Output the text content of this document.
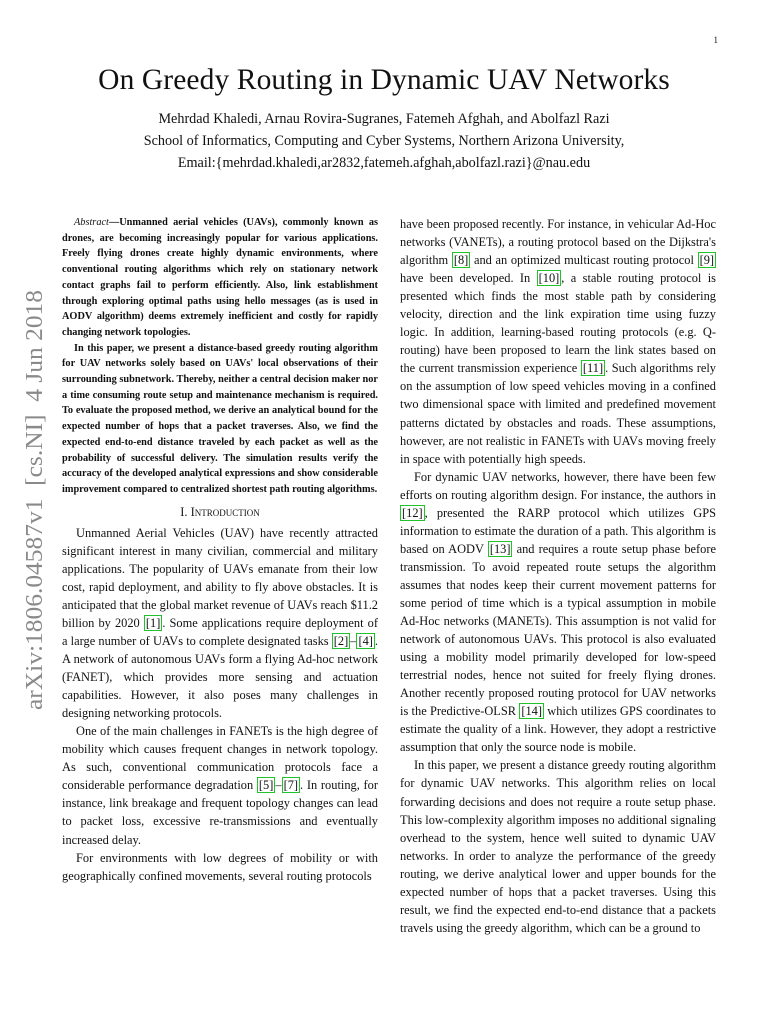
1
arXiv:1806.04587v1  [cs.NI]  4 Jun 2018
On Greedy Routing in Dynamic UAV Networks
Mehrdad Khaledi, Arnau Rovira-Sugranes, Fatemeh Afghah, and Abolfazl Razi
School of Informatics, Computing and Cyber Systems, Northern Arizona University,
Email:{mehrdad.khaledi,ar2832,fatemeh.afghah,abolfazl.razi}@nau.edu

Abstract—Unmanned aerial vehicles (UAVs), commonly known as drones, are becoming increasingly popular for various applications. Freely flying drones create highly dynamic environments, where conventional routing algorithms which rely on stationary network contact graphs fail to perform efficiently. Also, link establishment through exploring optimal paths using hello messages (as is used in AODV algorithm) deems extremely inefficient and costly for rapidly changing network topologies.

In this paper, we present a distance-based greedy routing algorithm for UAV networks solely based on UAVs' local observations of their surrounding subnetwork. Thereby, neither a central decision maker nor a time consuming route setup and maintenance mechanism is required. To evaluate the proposed method, we derive an analytical bound for the expected number of hops that a packet traverses. Also, we find the expected end-to-end distance traveled by each packet as well as the probability of successful delivery. The simulation results verify the accuracy of the developed analytical expressions and show considerable improvement compared to centralized shortest path routing algorithms.

I. Introduction

Unmanned Aerial Vehicles (UAV) have recently attracted significant interest in many civilian, commercial and military applications. The popularity of UAVs emanate from their low cost, rapid deployment, and ability to fly above obstacles. It is anticipated that the global market revenue of UAVs reach $11.2 billion by 2020 [1] . Some applications require deployment of a large number of UAVs to complete designated tasks [2] – [4] . A network of autonomous UAVs form a flying Ad-hoc network (FANET), which provides more sensing and actuation capabilities. However, it also poses many challenges in designing networking protocols.

One of the main challenges in FANETs is the high degree of mobility which causes frequent changes in network topology. As such, conventional communication protocols face a considerable performance degradation [5] – [7] . In routing, for instance, link breakage and frequent topology changes can lead to packet loss, excessive re-transmissions and eventually increased delay.

For environments with low degrees of mobility or with geographically confined movements, several routing protocols

have been proposed recently. For instance, in vehicular Ad-Hoc networks (VANETs), a routing protocol based on the Dijkstra's algorithm [8] and an optimized multicast routing protocol [9] have been developed. In [10] , a stable routing protocol is presented which finds the most stable path by considering velocity, direction and the link expiration time using fuzzy logic. In addition, learning-based routing protocols (e.g. Q-routing) have been proposed to learn the link states based on the current transmission experience [11] . Such algorithms rely on the assumption of low speed vehicles moving in a confined two dimensional space with limited and predefined movement patterns dictated by obstacles and roads. These assumptions, however, are not realistic in FANETs with UAVs moving freely in space with potentially high speeds.

For dynamic UAV networks, however, there have been few efforts on routing algorithm design. For instance, the authors in [12] , presented the RARP protocol which utilizes GPS information to estimate the duration of a path. This algorithm is based on AODV [13] and requires a route setup phase before transmission. To avoid repeated route setups the algorithm assumes that nodes keep their current movement patterns for some period of time which is a typical assumption in mobile Ad-Hoc networks (MANETs). This assumption is not valid for network of autonomous UAVs. This protocol is also evaluated using a mobility model primarily developed for low-speed terrestrial nodes, hence not suited for freely flying drones. Another recently proposed routing protocol for UAV networks is the Predictive-OLSR [14] which utilizes GPS coordinates to estimate the quality of a link. However, they adopt a restrictive assumption that only the source node is mobile.

In this paper, we present a distance greedy routing algorithm for dynamic UAV networks. This algorithm relies on local forwarding decisions and does not require a route setup phase. This low-complexity algorithm imposes no additional signaling overhead to the system, hence well suited to dynamic UAV networks. In order to analyze the performance of the greedy routing, we derive analytical lower and upper bounds for the expected number of hops that a packet traverses. Using this result, we find the expected end-to-end distance that a packets travels using the greedy algorithm, which can be a ground to
